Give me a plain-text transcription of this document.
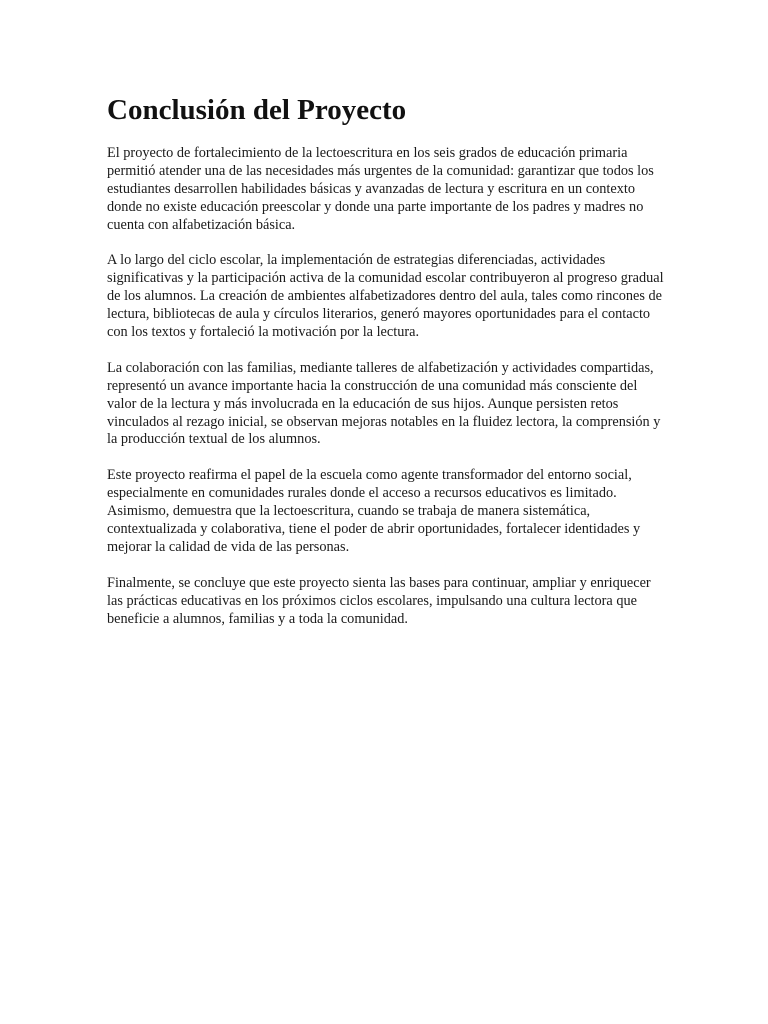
Conclusión del Proyecto

El proyecto de fortalecimiento de la lectoescritura en los seis grados de educación primaria permitió atender una de las necesidades más urgentes de la comunidad: garantizar que todos los estudiantes desarrollen habilidades básicas y avanzadas de lectura y escritura en un contexto donde no existe educación preescolar y donde una parte importante de los padres y madres no cuenta con alfabetización básica.

A lo largo del ciclo escolar, la implementación de estrategias diferenciadas, actividades significativas y la participación activa de la comunidad escolar contribuyeron al progreso gradual de los alumnos. La creación de ambientes alfabetizadores dentro del aula, tales como rincones de lectura, bibliotecas de aula y círculos literarios, generó mayores oportunidades para el contacto con los textos y fortaleció la motivación por la lectura.

La colaboración con las familias, mediante talleres de alfabetización y actividades compartidas, representó un avance importante hacia la construcción de una comunidad más consciente del valor de la lectura y más involucrada en la educación de sus hijos. Aunque persisten retos vinculados al rezago inicial, se observan mejoras notables en la fluidez lectora, la comprensión y la producción textual de los alumnos.

Este proyecto reafirma el papel de la escuela como agente transformador del entorno social, especialmente en comunidades rurales donde el acceso a recursos educativos es limitado. Asimismo, demuestra que la lectoescritura, cuando se trabaja de manera sistemática, contextualizada y colaborativa, tiene el poder de abrir oportunidades, fortalecer identidades y mejorar la calidad de vida de las personas.

Finalmente, se concluye que este proyecto sienta las bases para continuar, ampliar y enriquecer las prácticas educativas en los próximos ciclos escolares, impulsando una cultura lectora que beneficie a alumnos, familias y a toda la comunidad.
